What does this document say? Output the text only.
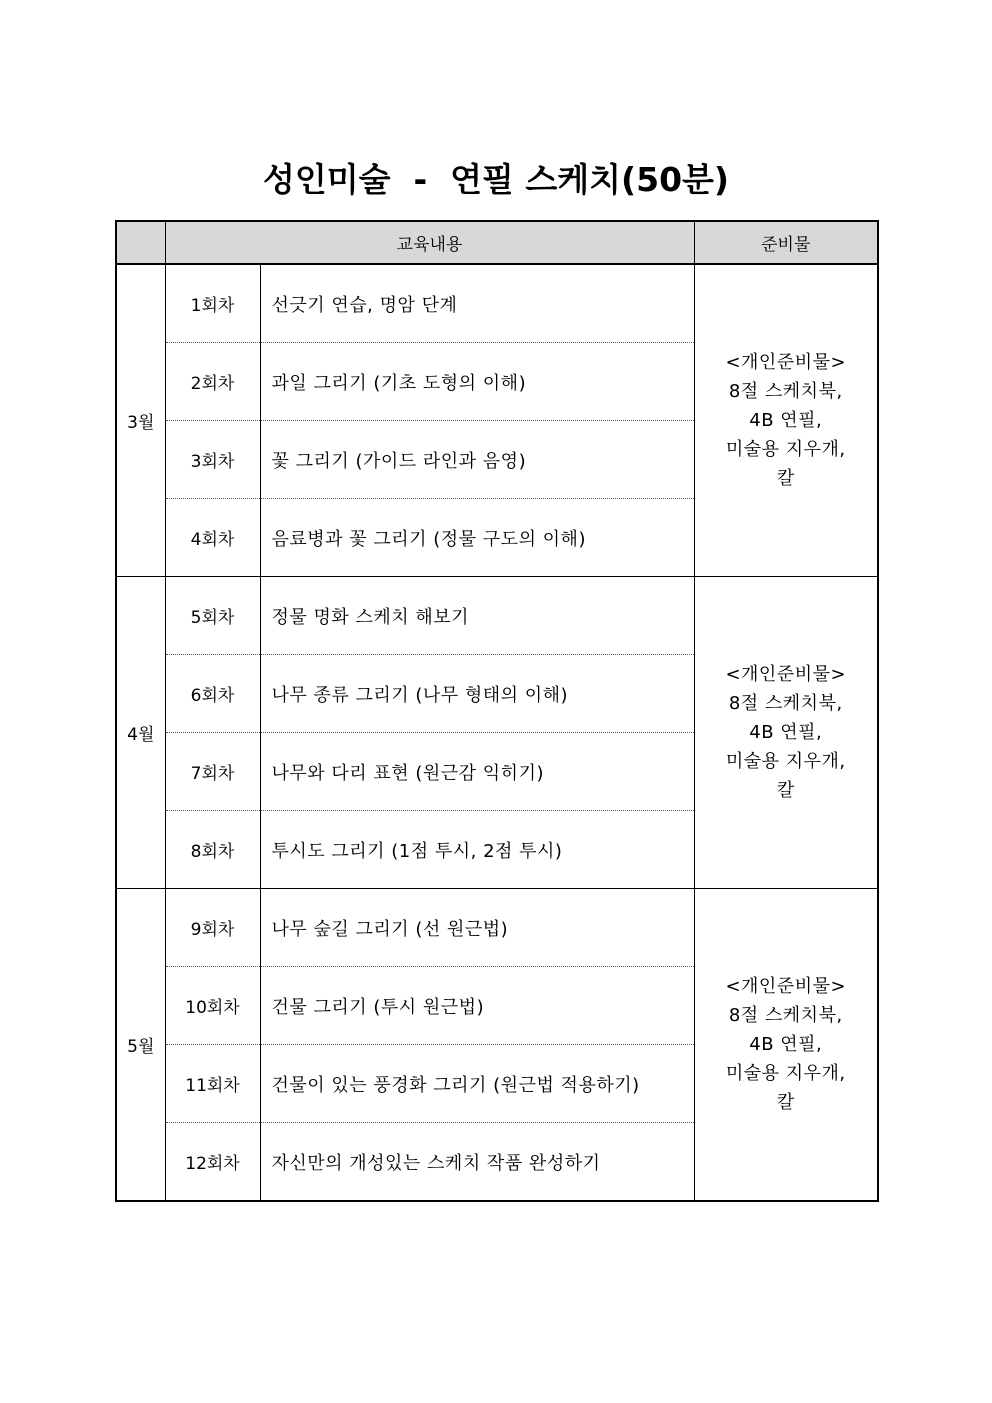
성인미술  -  연필 스케치(50분)
	교육내용		준비물
3월	1회차	선긋기 연습, 명암 단계	<개인준비물>
8절 스케치북,
4B 연필,
미술용 지우개,
칼

	2회차	과일 그리기 (기초 도형의 이해)	
	3회차	꽃 그리기 (가이드 라인과 음영)	
	4회차	음료병과 꽃 그리기 (정물 구도의 이해)	
4월	5회차	정물 명화 스케치 해보기	<개인준비물>
8절 스케치북,
4B 연필,
미술용 지우개,
칼

	6회차	나무 종류 그리기 (나무 형태의 이해)	
	7회차	나무와 다리 표현 (원근감 익히기)	
	8회차	투시도 그리기 (1점 투시, 2점 투시)	
5월	9회차	나무 숲길 그리기 (선 원근법)	<개인준비물>
8절 스케치북,
4B 연필,
미술용 지우개,
칼

	10회차	건물 그리기 (투시 원근법)	
	11회차	건물이 있는 풍경화 그리기 (원근법 적용하기)	
	12회차	자신만의 개성있는 스케치 작품 완성하기	
